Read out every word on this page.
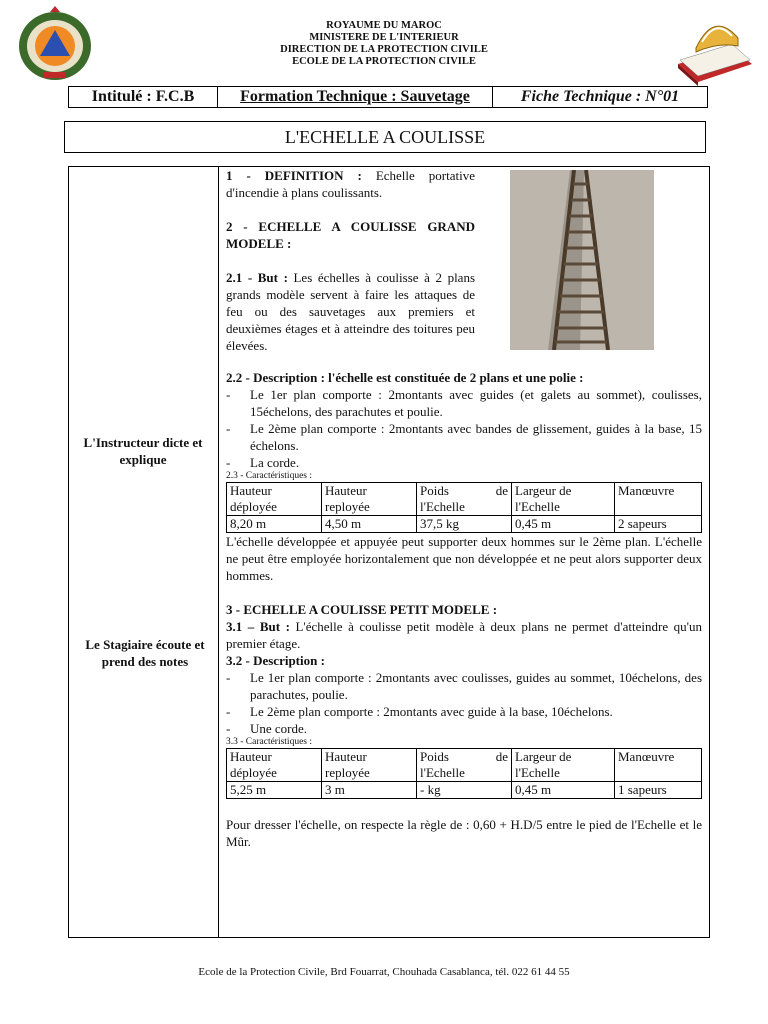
ROYAUME DU MAROC
MINISTERE DE L'INTERIEUR
DIRECTION DE LA PROTECTION CIVILE
ECOLE DE LA PROTECTION CIVILE
Intitulé : F.C.B	Formation Technique : Sauvetage	Fiche Technique : N°01
L'ECHELLE A COULISSE
L'Instructeur dicte et explique
Le Stagiaire écoute et prend des notes
1 - DEFINITION : Echelle portative d'incendie à plans coulissants.
2 - ECHELLE A COULISSE GRAND MODELE :
2.1 - But : Les échelles à coulisse à 2 plans grands modèle servent à faire les attaques de feu ou des sauvetages aux premiers et deuxièmes étages et à atteindre des toitures peu élevées.
2.2 - Description : l'échelle est constituée de 2 plans et une polie :
- Le 1er plan comporte : 2montants avec guides (et galets au sommet), coulisses, 15échelons, des parachutes et poulie.
- Le 2ème plan comporte : 2montants avec bandes de glissement, guides à la base, 15 échelons.
- La corde.
2.3 - Caractéristiques :
Hauteur déployée	Hauteur reployée	Poids de l'Echelle	Largeur de l'Echelle	Manœuvre
8,20 m	4,50 m	37,5 kg	0,45 m	2 sapeurs
L'échelle développée et appuyée peut supporter deux hommes sur le 2ème plan. L'échelle ne peut être employée horizontalement que non développée et ne peut alors supporter deux hommes.
3 - ECHELLE A COULISSE PETIT MODELE :
3.1 – But : L'échelle à coulisse petit modèle à deux plans ne permet d'atteindre qu'un premier étage.
3.2 - Description :
- Le 1er plan comporte : 2montants avec coulisses, guides au sommet, 10échelons, des parachutes, poulie.
- Le 2ème plan comporte : 2montants avec guide à la base, 10échelons.
- Une corde.
3.3 - Caractéristiques :
Hauteur déployée	Hauteur reployée	Poids de l'Echelle	Largeur de l'Echelle	Manœuvre
5,25 m	3 m	- kg	0,45 m	1 sapeurs
Pour dresser l'échelle, on respecte la règle de : 0,60 + H.D/5 entre le pied de l'Echelle et le Mûr.
Ecole de la Protection Civile, Brd Fouarrat, Chouhada Casablanca, tél. 022 61 44 55
